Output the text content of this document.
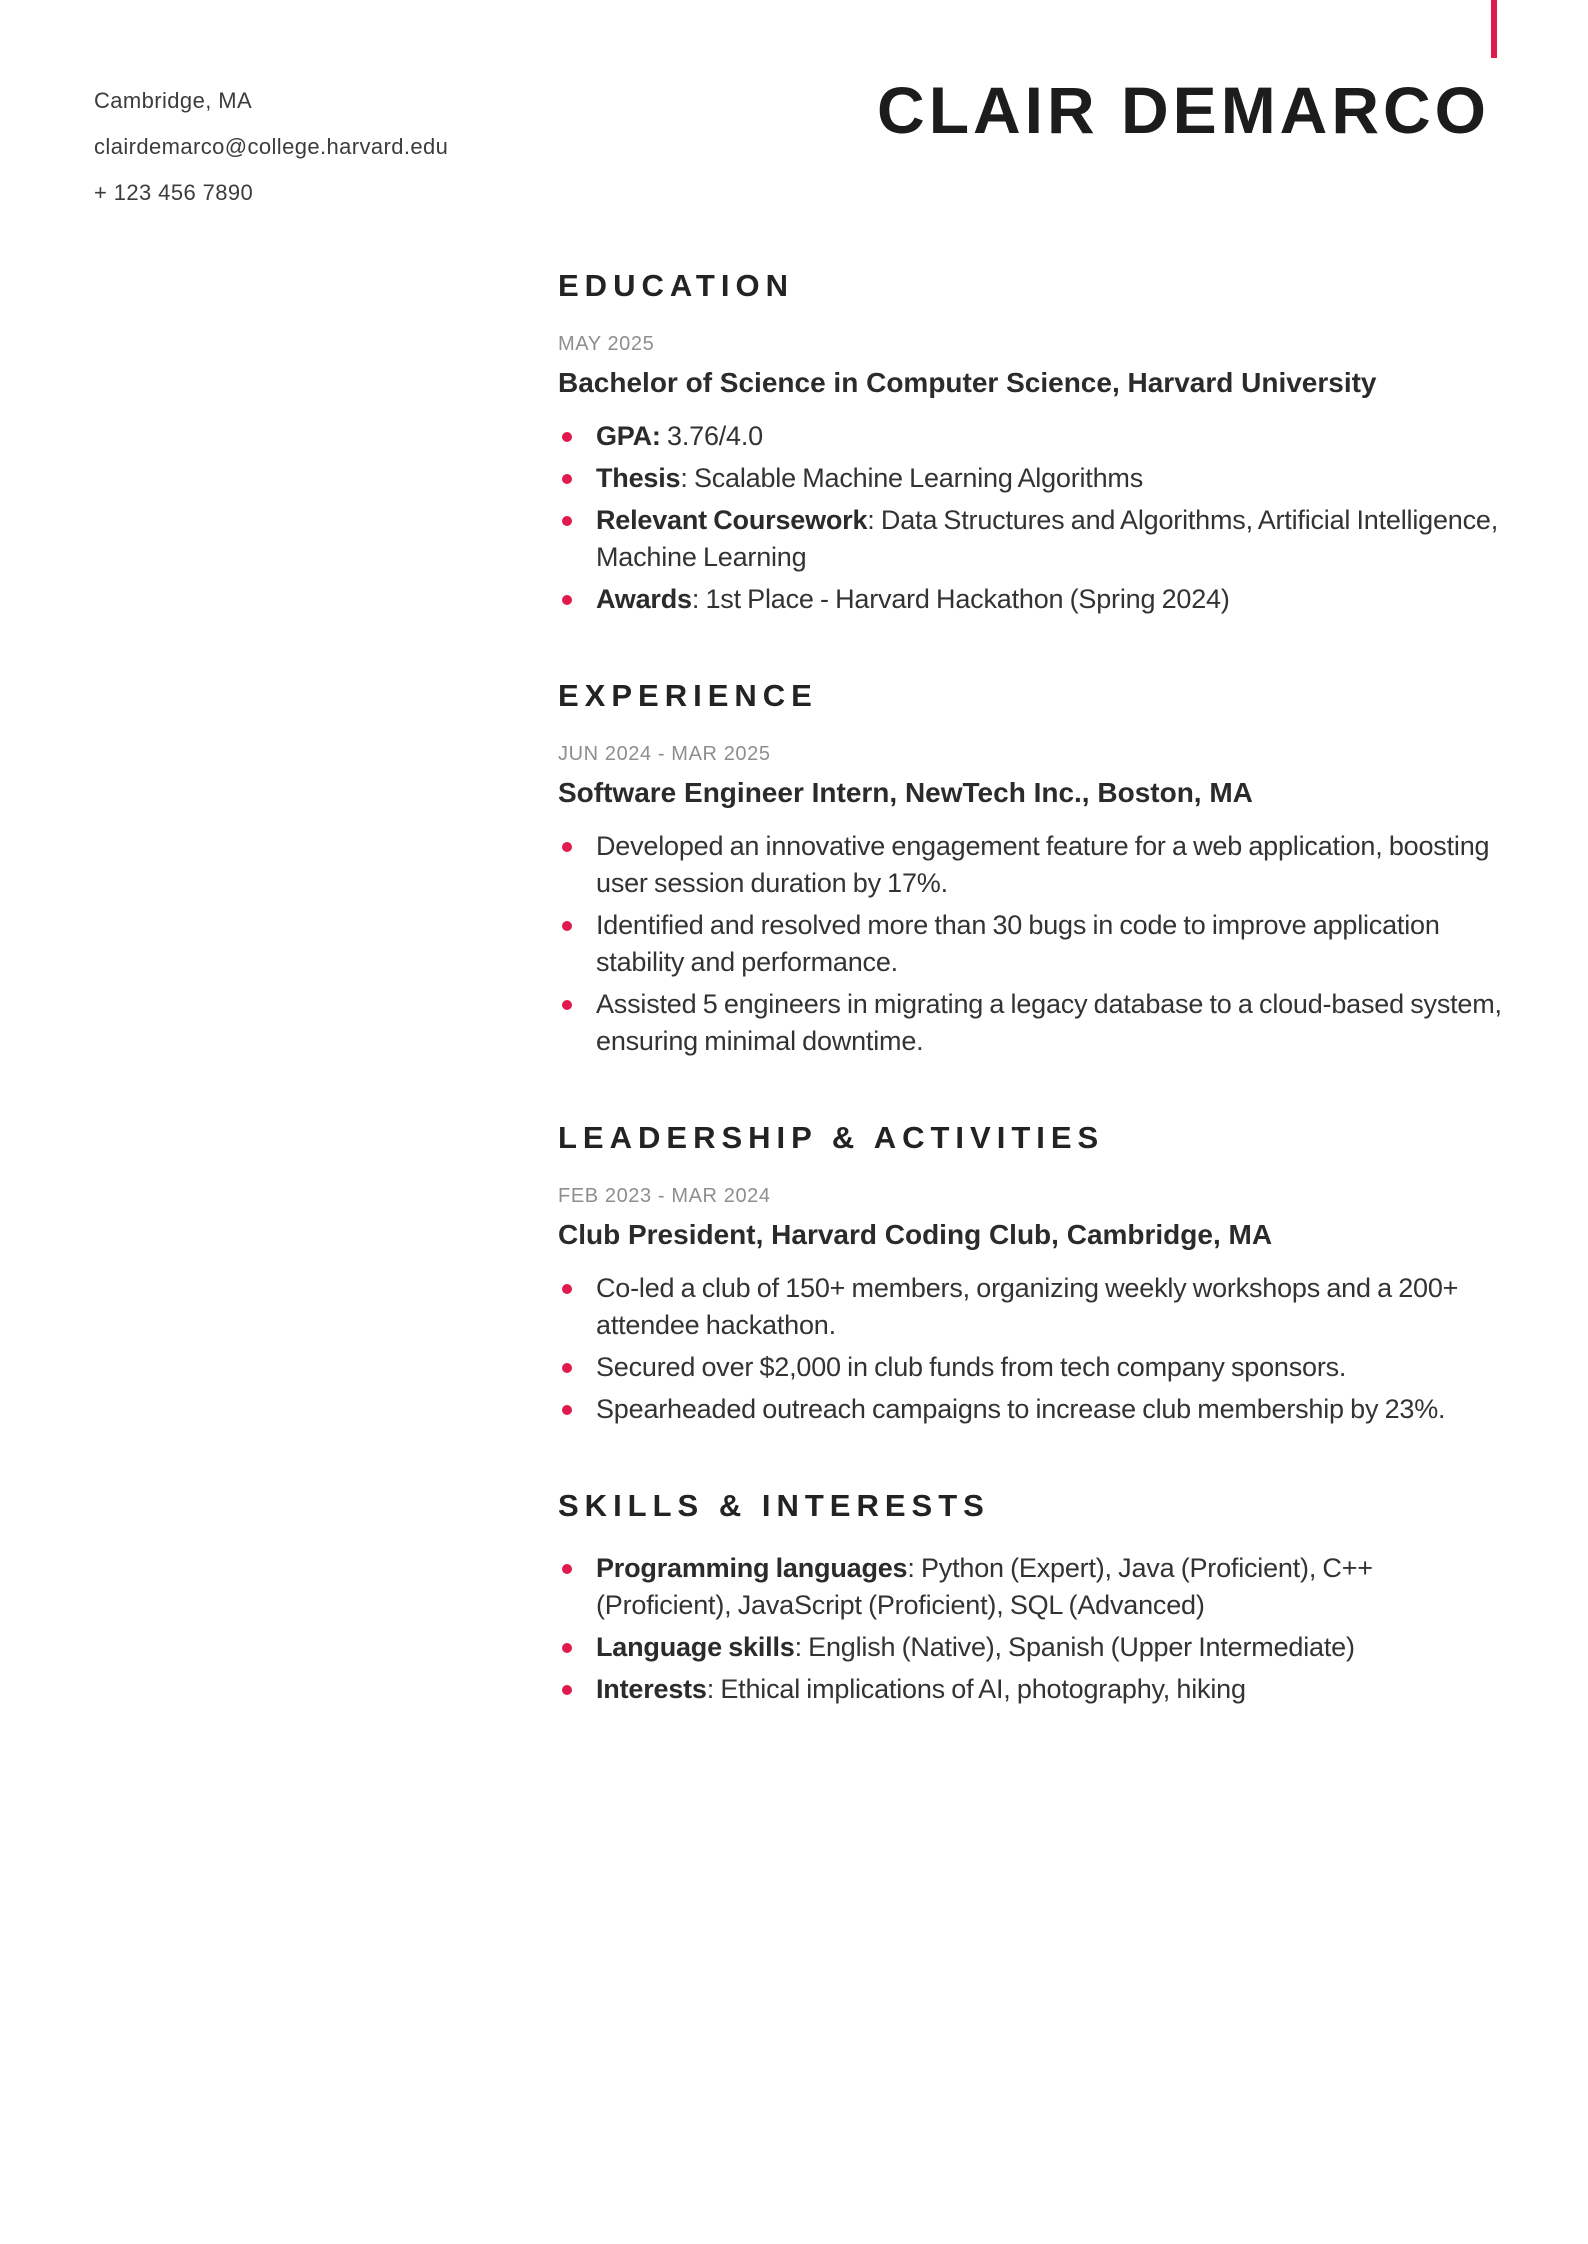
Cambridge, MA
clairdemarco@college.harvard.edu
+ 123 456 7890
CLAIR DEMARCO
EDUCATION

MAY 2025

Bachelor of Science in Computer Science, Harvard University
GPA: 3.76/4.0
Thesis: Scalable Machine Learning Algorithms
Relevant Coursework: Data Structures and Algorithms, Artificial Intelligence, Machine Learning
Awards: 1st Place - Harvard Hackathon (Spring 2024)
EXPERIENCE

JUN 2024 - MAR 2025

Software Engineer Intern, NewTech Inc., Boston, MA
Developed an innovative engagement feature for a web application, boosting user session duration by 17%.
Identified and resolved more than 30 bugs in code to improve application stability and performance.
Assisted 5 engineers in migrating a legacy database to a cloud-based system, ensuring minimal downtime.
LEADERSHIP & ACTIVITIES

FEB 2023 - MAR 2024

Club President, Harvard Coding Club, Cambridge, MA
Co-led a club of 150+ members, organizing weekly workshops and a 200+ attendee hackathon.
Secured over $2,000 in club funds from tech company sponsors.
Spearheaded outreach campaigns to increase club membership by 23%.
SKILLS & INTERESTS
Programming languages: Python (Expert), Java (Proficient), C++ (Proficient), JavaScript (Proficient), SQL (Advanced)
Language skills: English (Native), Spanish (Upper Intermediate)
Interests: Ethical implications of AI, photography, hiking
